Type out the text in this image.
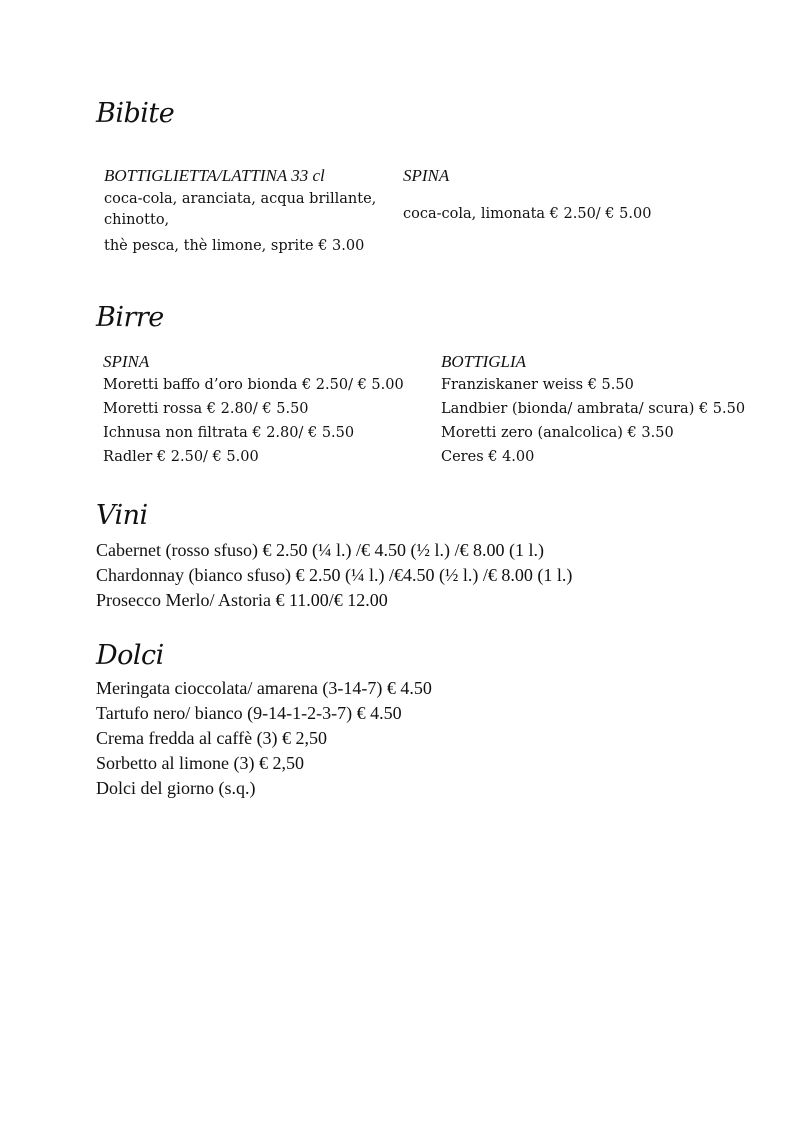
Bibite

BOTTIGLIETTA/LATTINA 33 cl

coca-cola, aranciata, acqua brillante, chinotto,

thè pesca, thè limone, sprite € 3.00

SPINA

coca-cola, limonata € 2.50/ € 5.00

Birre

SPINA

Moretti baffo d’oro bionda € 2.50/ € 5.00

Moretti rossa € 2.80/ € 5.50

Ichnusa non filtrata € 2.80/ € 5.50

Radler € 2.50/ € 5.00

BOTTIGLIA

Franziskaner weiss € 5.50

Landbier (bionda/ ambrata/ scura) € 5.50

Moretti zero (analcolica) € 3.50

Ceres € 4.00

Vini

Cabernet (rosso sfuso) € 2.50 (¼ l.) /€ 4.50 (½ l.) /€ 8.00 (1 l.)

Chardonnay (bianco sfuso) € 2.50 (¼ l.) /€4.50 (½ l.) /€ 8.00 (1 l.)

Prosecco Merlo/ Astoria € 11.00/€ 12.00

Dolci

Meringata cioccolata/ amarena (3-14-7) € 4.50

Tartufo nero/ bianco (9-14-1-2-3-7) € 4.50

Crema fredda al caffè (3) € 2,50

Sorbetto al limone (3) € 2,50

Dolci del giorno (s.q.)
